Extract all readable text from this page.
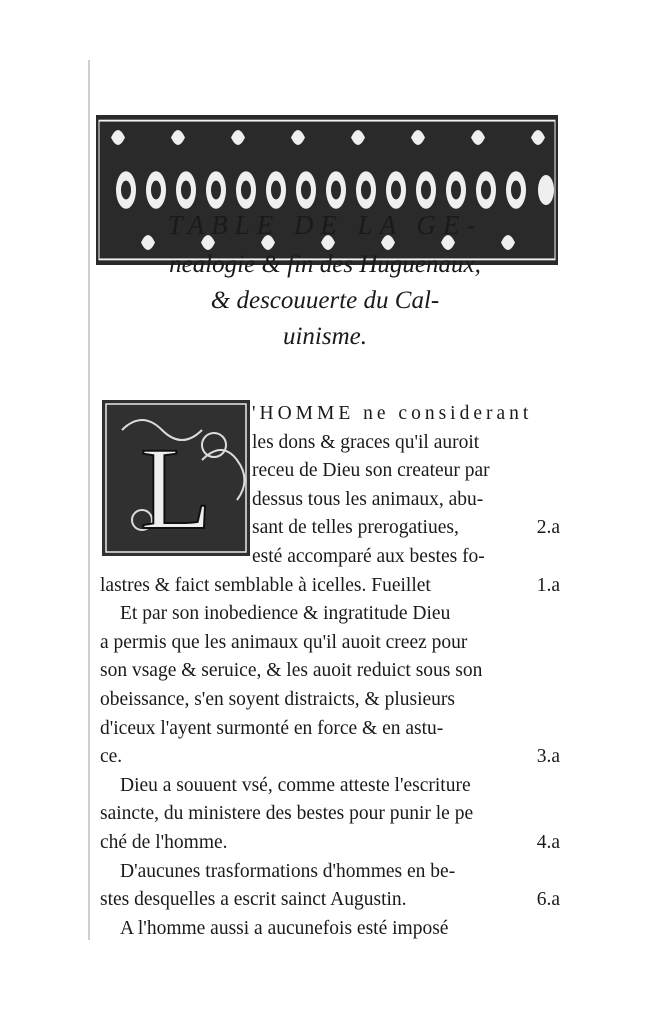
TABLE DE LA GE-
nealogie & fin des Huguenaux,
& descouuerte du Cal-
uinisme.
L
'HOMME ne considerant
les dons & graces qu'il auroit
receu de Dieu son createur par
dessus tous les animaux, abu-
sant de telles prerogatiues,	2.a
esté accomparé aux bestes fo-
lastres & faict semblable à icelles. Fueillet	1.a
Et par son inobedience & ingratitude Dieu
a permis que les animaux qu'il auoit creez pour
son vsage & seruice, & les auoit reduict sous son
obeissance, s'en soyent distraicts, & plusieurs
d'iceux l'ayent surmonté en force & en astu-
ce.	3.a
Dieu a souuent vsé, comme atteste l'escriture
saincte, du ministere des bestes pour punir le pe
ché de l'homme.	4.a
D'aucunes trasformations d'hommes en be-
stes desquelles a escrit sainct Augustin.	6.a
A l'homme aussi a aucunefois esté imposé
